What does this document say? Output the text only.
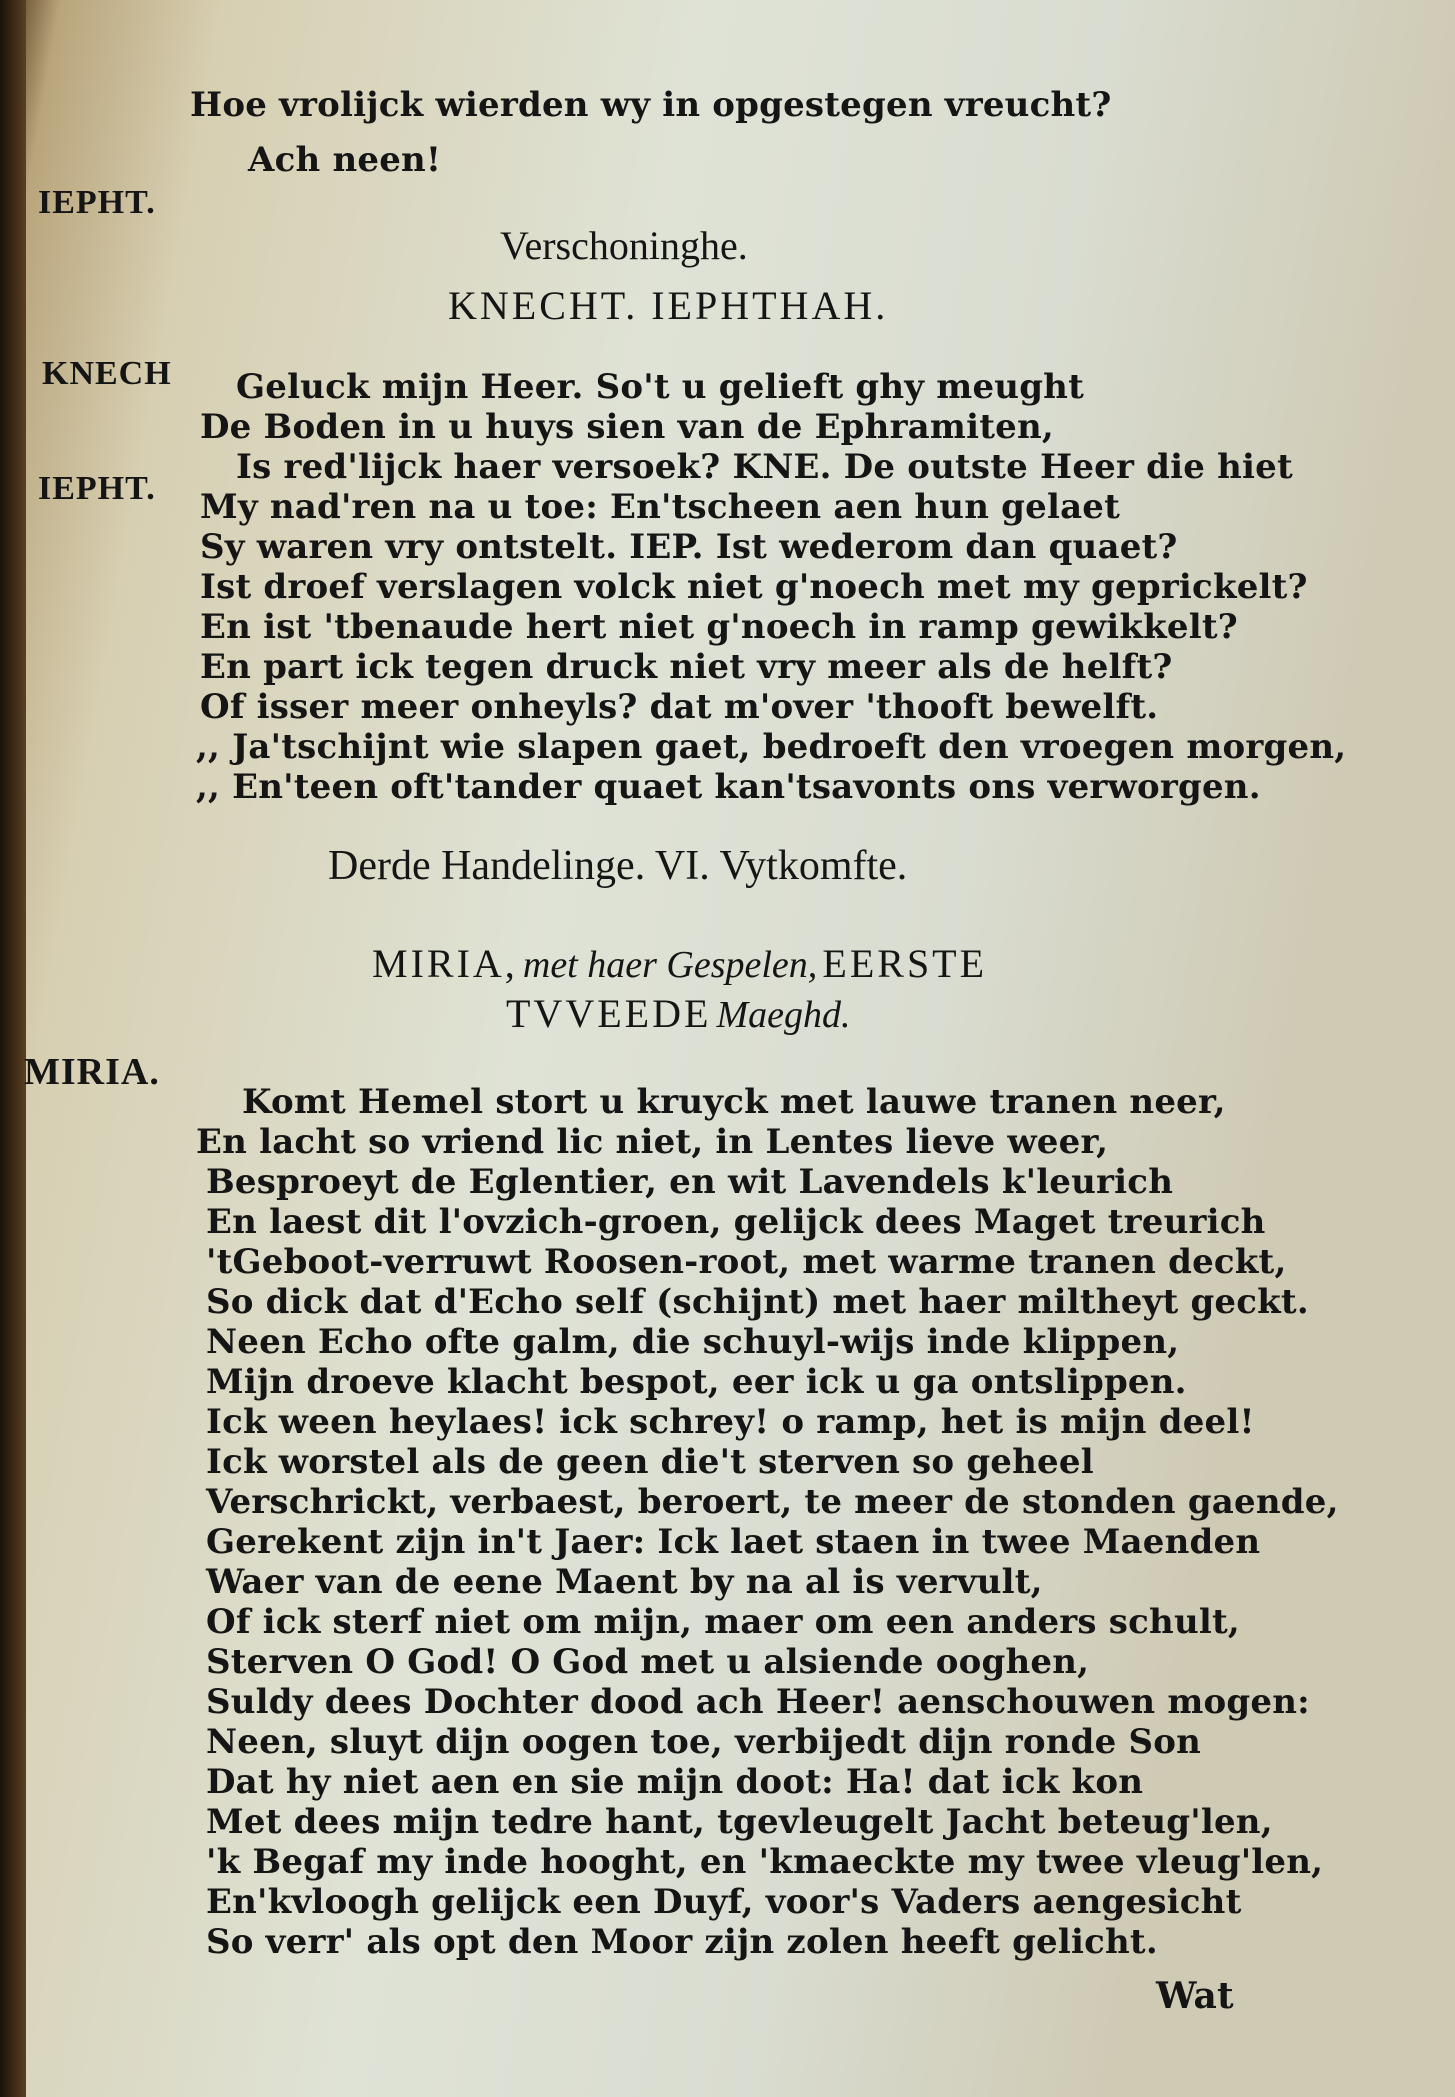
Hoe vrolijck wierden wy in opgestegen vreucht?
Ach neen!
IEPHT.
KNECH
IEPHT.
MIRIA.
Verschoninghe.
KNECHT. IEPHTHAH.
Geluck mijn Heer. So't u gelieft ghy meught
De Boden in u huys sien van de Ephramiten,
Is red'lijck haer versoek? KNE. De outste Heer die hiet
My nad'ren na u toe: En'tscheen aen hun gelaet
Sy waren vry ontstelt. IEP. Ist wederom dan quaet?
Ist droef verslagen volck niet g'noech met my geprickelt?
En ist 'tbenaude hert niet g'noech in ramp gewikkelt?
En part ick tegen druck niet vry meer als de helft?
Of isser meer onheyls? dat m'over 'thooft bewelft.
,, Ja'tschijnt wie slapen gaet, bedroeft den vroegen morgen,
,, En'teen oft'tander quaet kan'tsavonts ons verworgen.
Derde Handelinge. VI. Vytkomfte.
MIRIA, met haer Gespelen, EERSTE
TVVEEDE Maeghd.
Komt Hemel stort u kruyck met lauwe tranen neer,
En lacht so vriend lic niet, in Lentes lieve weer,
Besproeyt de Eglentier, en wit Lavendels k'leurich
En laest dit l'ovzich-groen, gelijck dees Maget treurich
'tGeboot-verruwt Roosen-root, met warme tranen deckt,
So dick dat d'Echo self (schijnt) met haer miltheyt geckt.
Neen Echo ofte galm, die schuyl-wijs inde klippen,
Mijn droeve klacht bespot, eer ick u ga ontslippen.
Ick ween heylaes! ick schrey! o ramp, het is mijn deel!
Ick worstel als de geen die't sterven so geheel
Verschrickt, verbaest, beroert, te meer de stonden gaende,
Gerekent zijn in't Jaer: Ick laet staen in twee Maenden
Waer van de eene Maent by na al is vervult,
Of ick sterf niet om mijn, maer om een anders schult,
Sterven O God! O God met u alsiende ooghen,
Suldy dees Dochter dood ach Heer! aenschouwen mogen:
Neen, sluyt dijn oogen toe, verbijedt dijn ronde Son
Dat hy niet aen en sie mijn doot: Ha! dat ick kon
Met dees mijn tedre hant, tgevleugelt Jacht beteug'len,
'k Begaf my inde hooght, en 'kmaeckte my twee vleug'len,
En'kvloogh gelijck een Duyf, voor's Vaders aengesicht
So verr' als opt den Moor zijn zolen heeft gelicht.
Wat
